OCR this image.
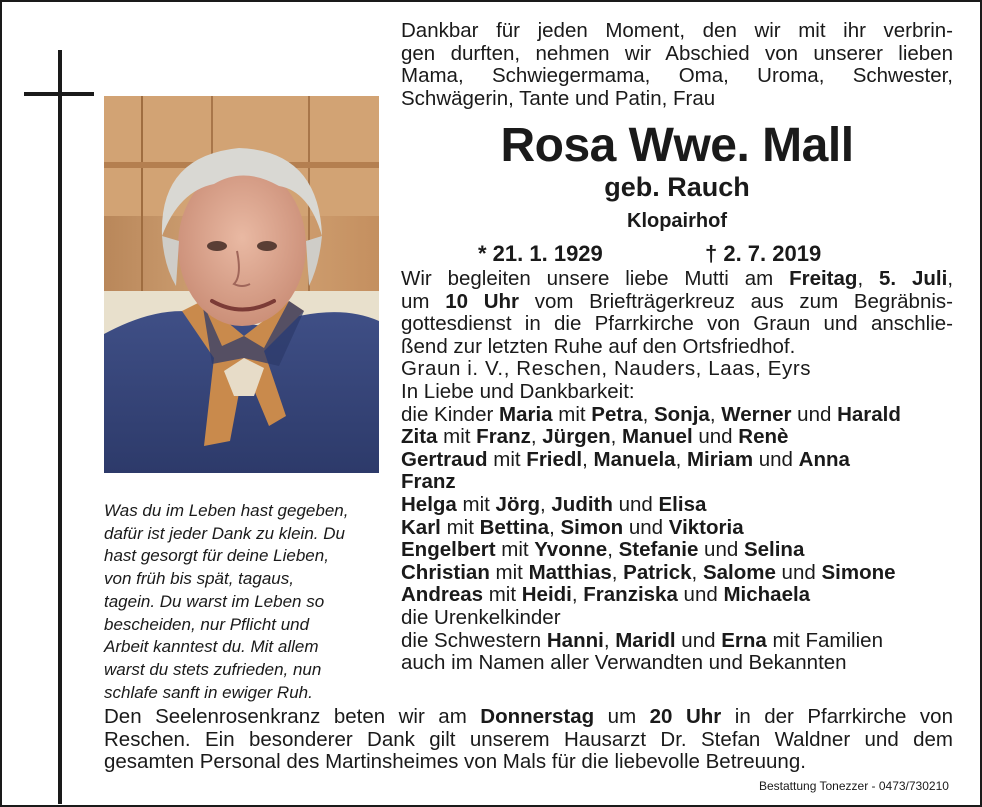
Was du im Leben hast gegeben,
dafür ist jeder Dank zu klein. Du
hast gesorgt für deine Lieben,
von früh bis spät, tagaus,
tagein. Du warst im Leben so
bescheiden, nur Pflicht und
Arbeit kanntest du. Mit allem
warst du stets zufrieden, nun
schlafe sanft in ewiger Ruh.
Dankbar für jeden Moment, den wir mit ihr verbrin-
gen durften, nehmen wir Abschied von unserer lieben
Mama, Schwiegermama, Oma, Uroma, Schwester,
Schwägerin, Tante und Patin, Frau
Rosa Wwe. Mall
geb. Rauch
Klopairhof
* 21. 1. 1929	† 2. 7. 2019
Wir begleiten unsere liebe Mutti am Freitag, 5. Juli,
um 10 Uhr vom Briefträgerkreuz aus zum Begräbnis-
gottesdienst in die Pfarrkirche von Graun und anschlie-
ßend zur letzten Ruhe auf den Ortsfriedhof.
Graun i. V., Reschen, Nauders, Laas, Eyrs
In Liebe und Dankbarkeit:
die Kinder Maria mit Petra, Sonja, Werner und Harald
Zita mit Franz, Jürgen, Manuel und Renè
Gertraud mit Friedl, Manuela, Miriam und Anna
Franz
Helga mit Jörg, Judith und Elisa
Karl mit Bettina, Simon und Viktoria
Engelbert mit Yvonne, Stefanie und Selina
Christian mit Matthias, Patrick, Salome und Simone
Andreas mit Heidi, Franziska und Michaela
die Urenkelkinder
die Schwestern Hanni, Maridl und Erna mit Familien
auch im Namen aller Verwandten und Bekannten
Den Seelenrosenkranz beten wir am Donnerstag um 20 Uhr in der Pfarrkirche von
Reschen. Ein besonderer Dank gilt unserem Hausarzt Dr. Stefan Waldner und dem
gesamten Personal des Martinsheimes von Mals für die liebevolle Betreuung.
Bestattung Tonezzer - 0473/730210
